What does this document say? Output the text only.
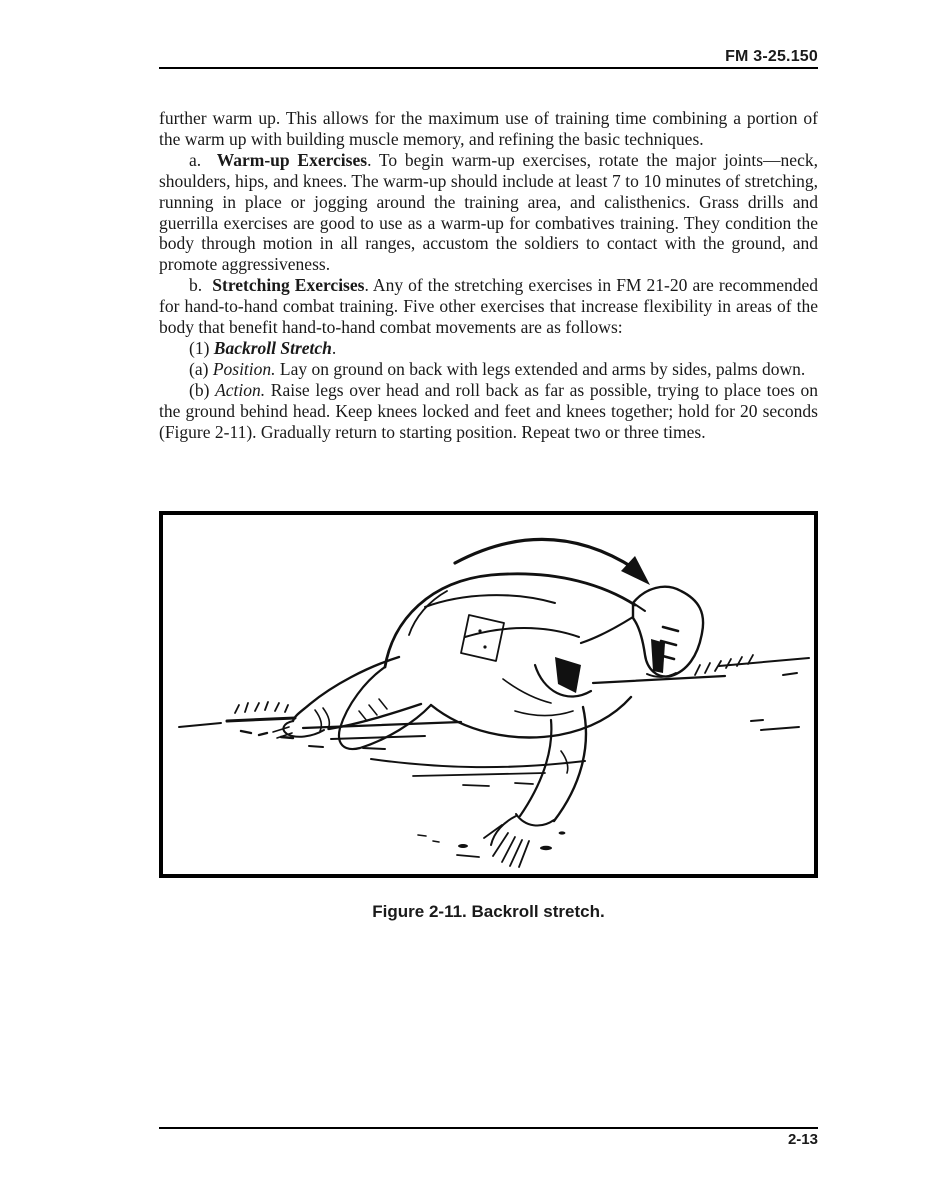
FM 3-25.150

further warm up. This allows for the maximum use of training time combining a portion of the warm up with building muscle memory, and refining the basic techniques.

a.  Warm-up Exercises. To begin warm-up exercises, rotate the major joints—neck, shoulders, hips, and knees. The warm-up should include at least 7 to 10 minutes of stretching, running in place or jogging around the training area, and calisthenics. Grass drills and guerrilla exercises are good to use as a warm-up for combatives training. They condition the body through motion in all ranges, accustom the soldiers to contact with the ground, and promote aggressiveness.

b.  Stretching Exercises. Any of the stretching exercises in FM 21-20 are recommended for hand-to-hand combat training. Five other exercises that increase flexibility in areas of the body that benefit hand-to-hand combat movements are as follows:

(1) Backroll Stretch.

(a) Position. Lay on ground on back with legs extended and arms by sides, palms down.

(b) Action. Raise legs over head and roll back as far as possible, trying to place toes on the ground behind head. Keep knees locked and feet and knees together; hold for 20 seconds (Figure 2-11). Gradually return to starting position. Repeat two or three times.

Figure 2-11. Backroll stretch.
2-13
